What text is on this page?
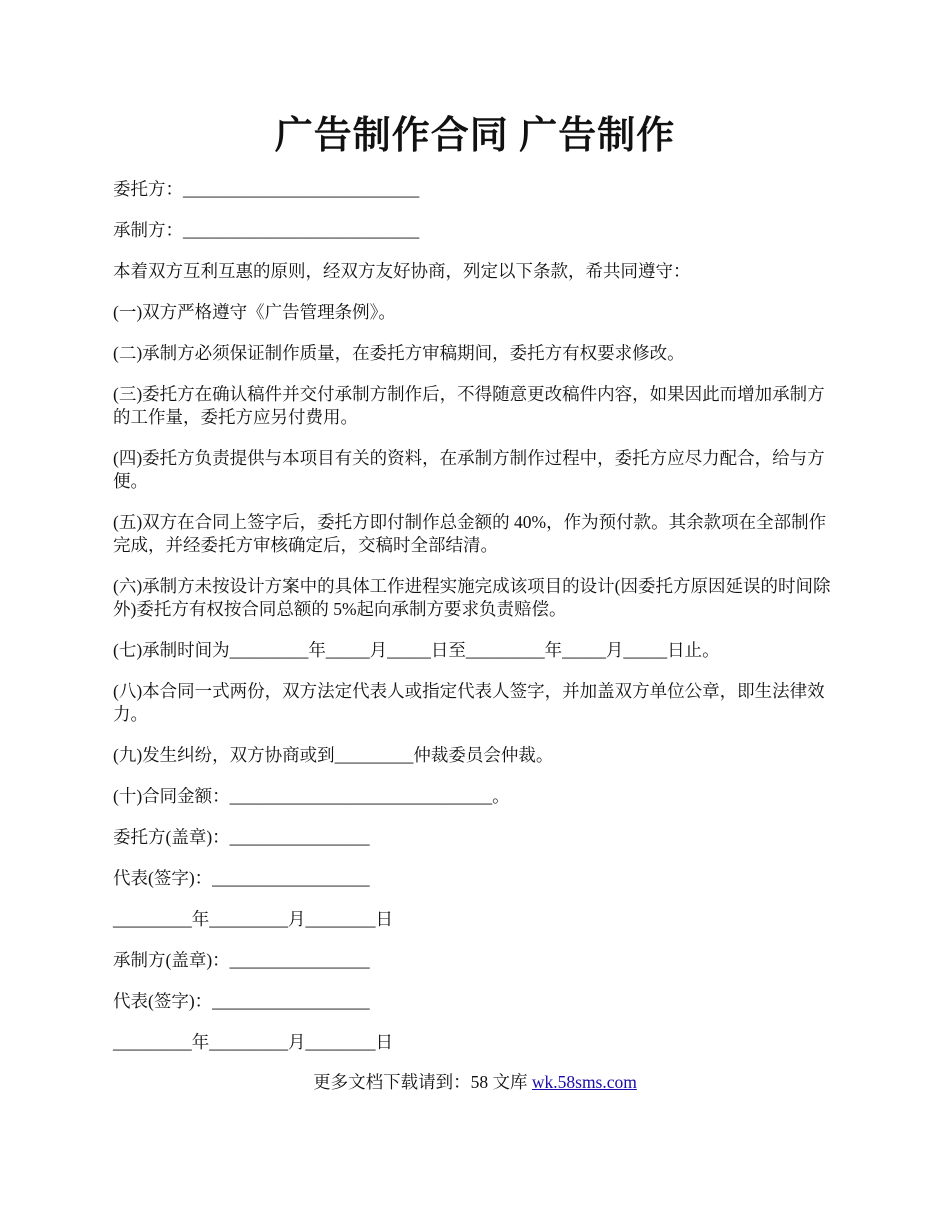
广告制作合同 广告制作

委托方：___________________________

承制方：___________________________

本着双方互利互惠的原则，经双方友好协商，列定以下条款，希共同遵守：

(一)双方严格遵守《广告管理条例》。

(二)承制方必须保证制作质量，在委托方审稿期间，委托方有权要求修改。

(三)委托方在确认稿件并交付承制方制作后，不得随意更改稿件内容，如果因此而增加承制方的工作量，委托方应另付费用。

(四)委托方负责提供与本项目有关的资料，在承制方制作过程中，委托方应尽力配合，给与方便。

(五)双方在合同上签字后，委托方即付制作总金额的 40%，作为预付款。其余款项在全部制作完成，并经委托方审核确定后，交稿时全部结清。

(六)承制方未按设计方案中的具体工作进程实施完成该项目的设计(因委托方原因延误的时间除外)委托方有权按合同总额的 5%起向承制方要求负责赔偿。

(七)承制时间为_________年_____月_____日至_________年_____月_____日止。

(八)本合同一式两份，双方法定代表人或指定代表人签字，并加盖双方单位公章，即生法律效力。

(九)发生纠纷，双方协商或到_________仲裁委员会仲裁。

(十)合同金额：______________________________。

委托方(盖章)：________________

代表(签字)：__________________

_________年_________月________日

承制方(盖章)：________________

代表(签字)：__________________

_________年_________月________日

更多文档下载请到：58 文库 wk.58sms.com
